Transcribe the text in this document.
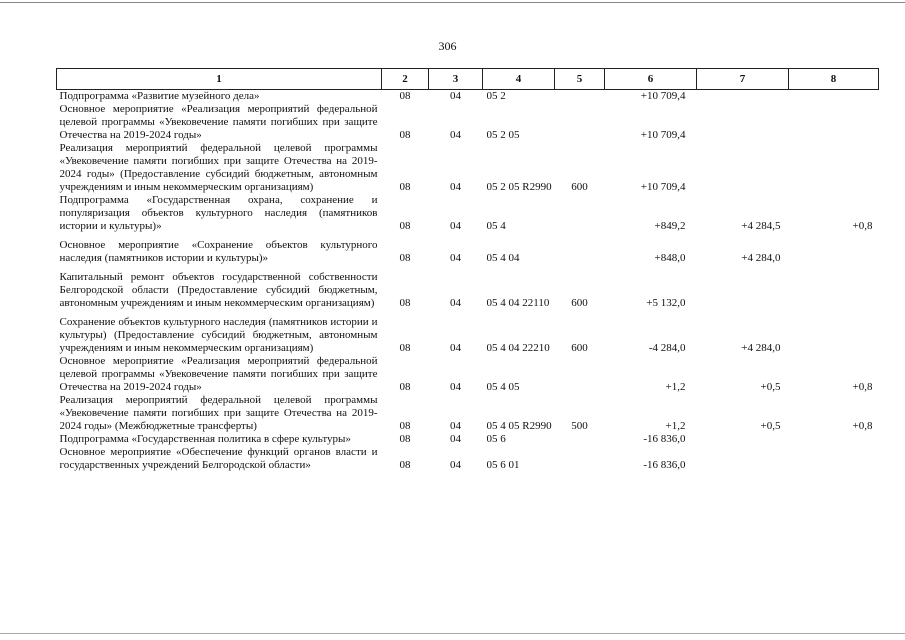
306
1	2	3	4	5	6	7	8
Подпрограмма «Развитие музейного дела»	08	04	05 2		+10 709,4		
Основное мероприятие «Реализация мероприятий федеральной целевой программы «Увековечение памяти погибших при защите Отечества на 2019-2024 годы»	08	04	05 2 05		+10 709,4		
Реализация мероприятий федеральной целевой программы «Увековечение памяти погибших при защите Отечества на 2019-2024 годы» (Предоставление субсидий бюджетным, автономным учреждениям и иным некоммерческим организациям)	08	04	05 2 05 R2990	600	+10 709,4		
Подпрограмма «Государственная охрана, сохранение и популяризация объектов культурного наследия (памятников истории и культуры)»	08	04	05 4		+849,2	+4 284,5	+0,8
Основное мероприятие «Сохранение объектов культурного наследия (памятников истории и культуры)»	08	04	05 4 04		+848,0	+4 284,0	
Капитальный ремонт объектов государственной собственности Белгородской области (Предоставление субсидий бюджетным, автономным учреждениям и иным некоммерческим организациям)	08	04	05 4 04 22110	600	+5 132,0		
Сохранение объектов культурного наследия (памятников истории и культуры) (Предоставление субсидий бюджетным, автономным учреждениям и иным некоммерческим организациям)	08	04	05 4 04 22210	600	-4 284,0	+4 284,0	
Основное мероприятие «Реализация мероприятий федеральной целевой программы «Увековечение памяти погибших при защите Отечества на 2019-2024 годы»	08	04	05 4 05		+1,2	+0,5	+0,8
Реализация мероприятий федеральной целевой программы «Увековечение памяти погибших при защите Отечества на 2019-2024 годы» (Межбюджетные трансферты)	08	04	05 4 05 R2990	500	+1,2	+0,5	+0,8
Подпрограмма «Государственная политика в сфере культуры»	08	04	05 6		-16 836,0		
Основное мероприятие «Обеспечение функций органов власти и государственных учреждений Белгородской области»	08	04	05 6 01		-16 836,0		
